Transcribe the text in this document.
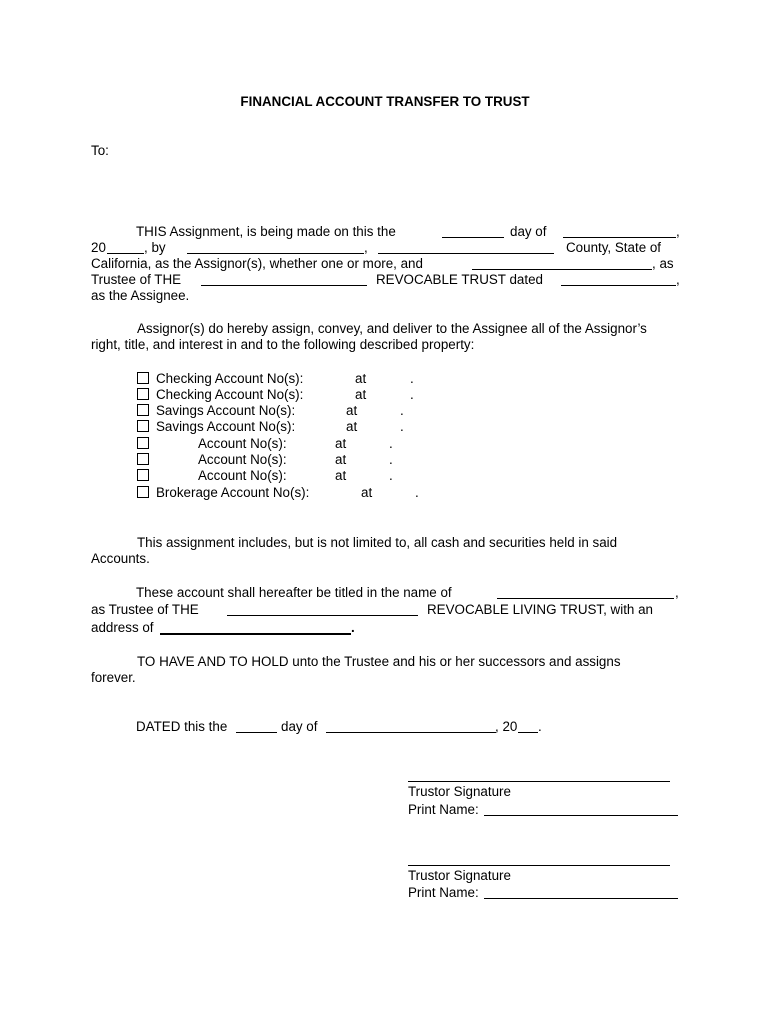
FINANCIAL ACCOUNT TRANSFER TO TRUST
To:
THIS Assignment, is being made on this the	day of	,
20	, by	,	County, State of
California, as the Assignor(s), whether one or more, and	, as
Trustee of THE	REVOCABLE TRUST dated	,
as the Assignee.
Assignor(s) do hereby assign, convey, and deliver to the Assignee all of the Assignor’s
right, title, and interest in and to the following described property:
Checking Account No(s):	at	.
Checking Account No(s):	at	.
Savings Account No(s):	at	.
Savings Account No(s):	at	.
Account No(s):	at	.
Account No(s):	at	.
Account No(s):	at	.
Brokerage Account No(s):	at	.
This assignment includes, but is not limited to, all cash and securities held in said
Accounts.
These account shall hereafter be titled in the name of	,
as Trustee of THE	REVOCABLE LIVING TRUST, with an
address of	.
TO HAVE AND TO HOLD unto the Trustee and his or her successors and assigns
forever.
DATED this the	day of	, 20 .
Trustor Signature
Print Name:
Trustor Signature
Print Name:
